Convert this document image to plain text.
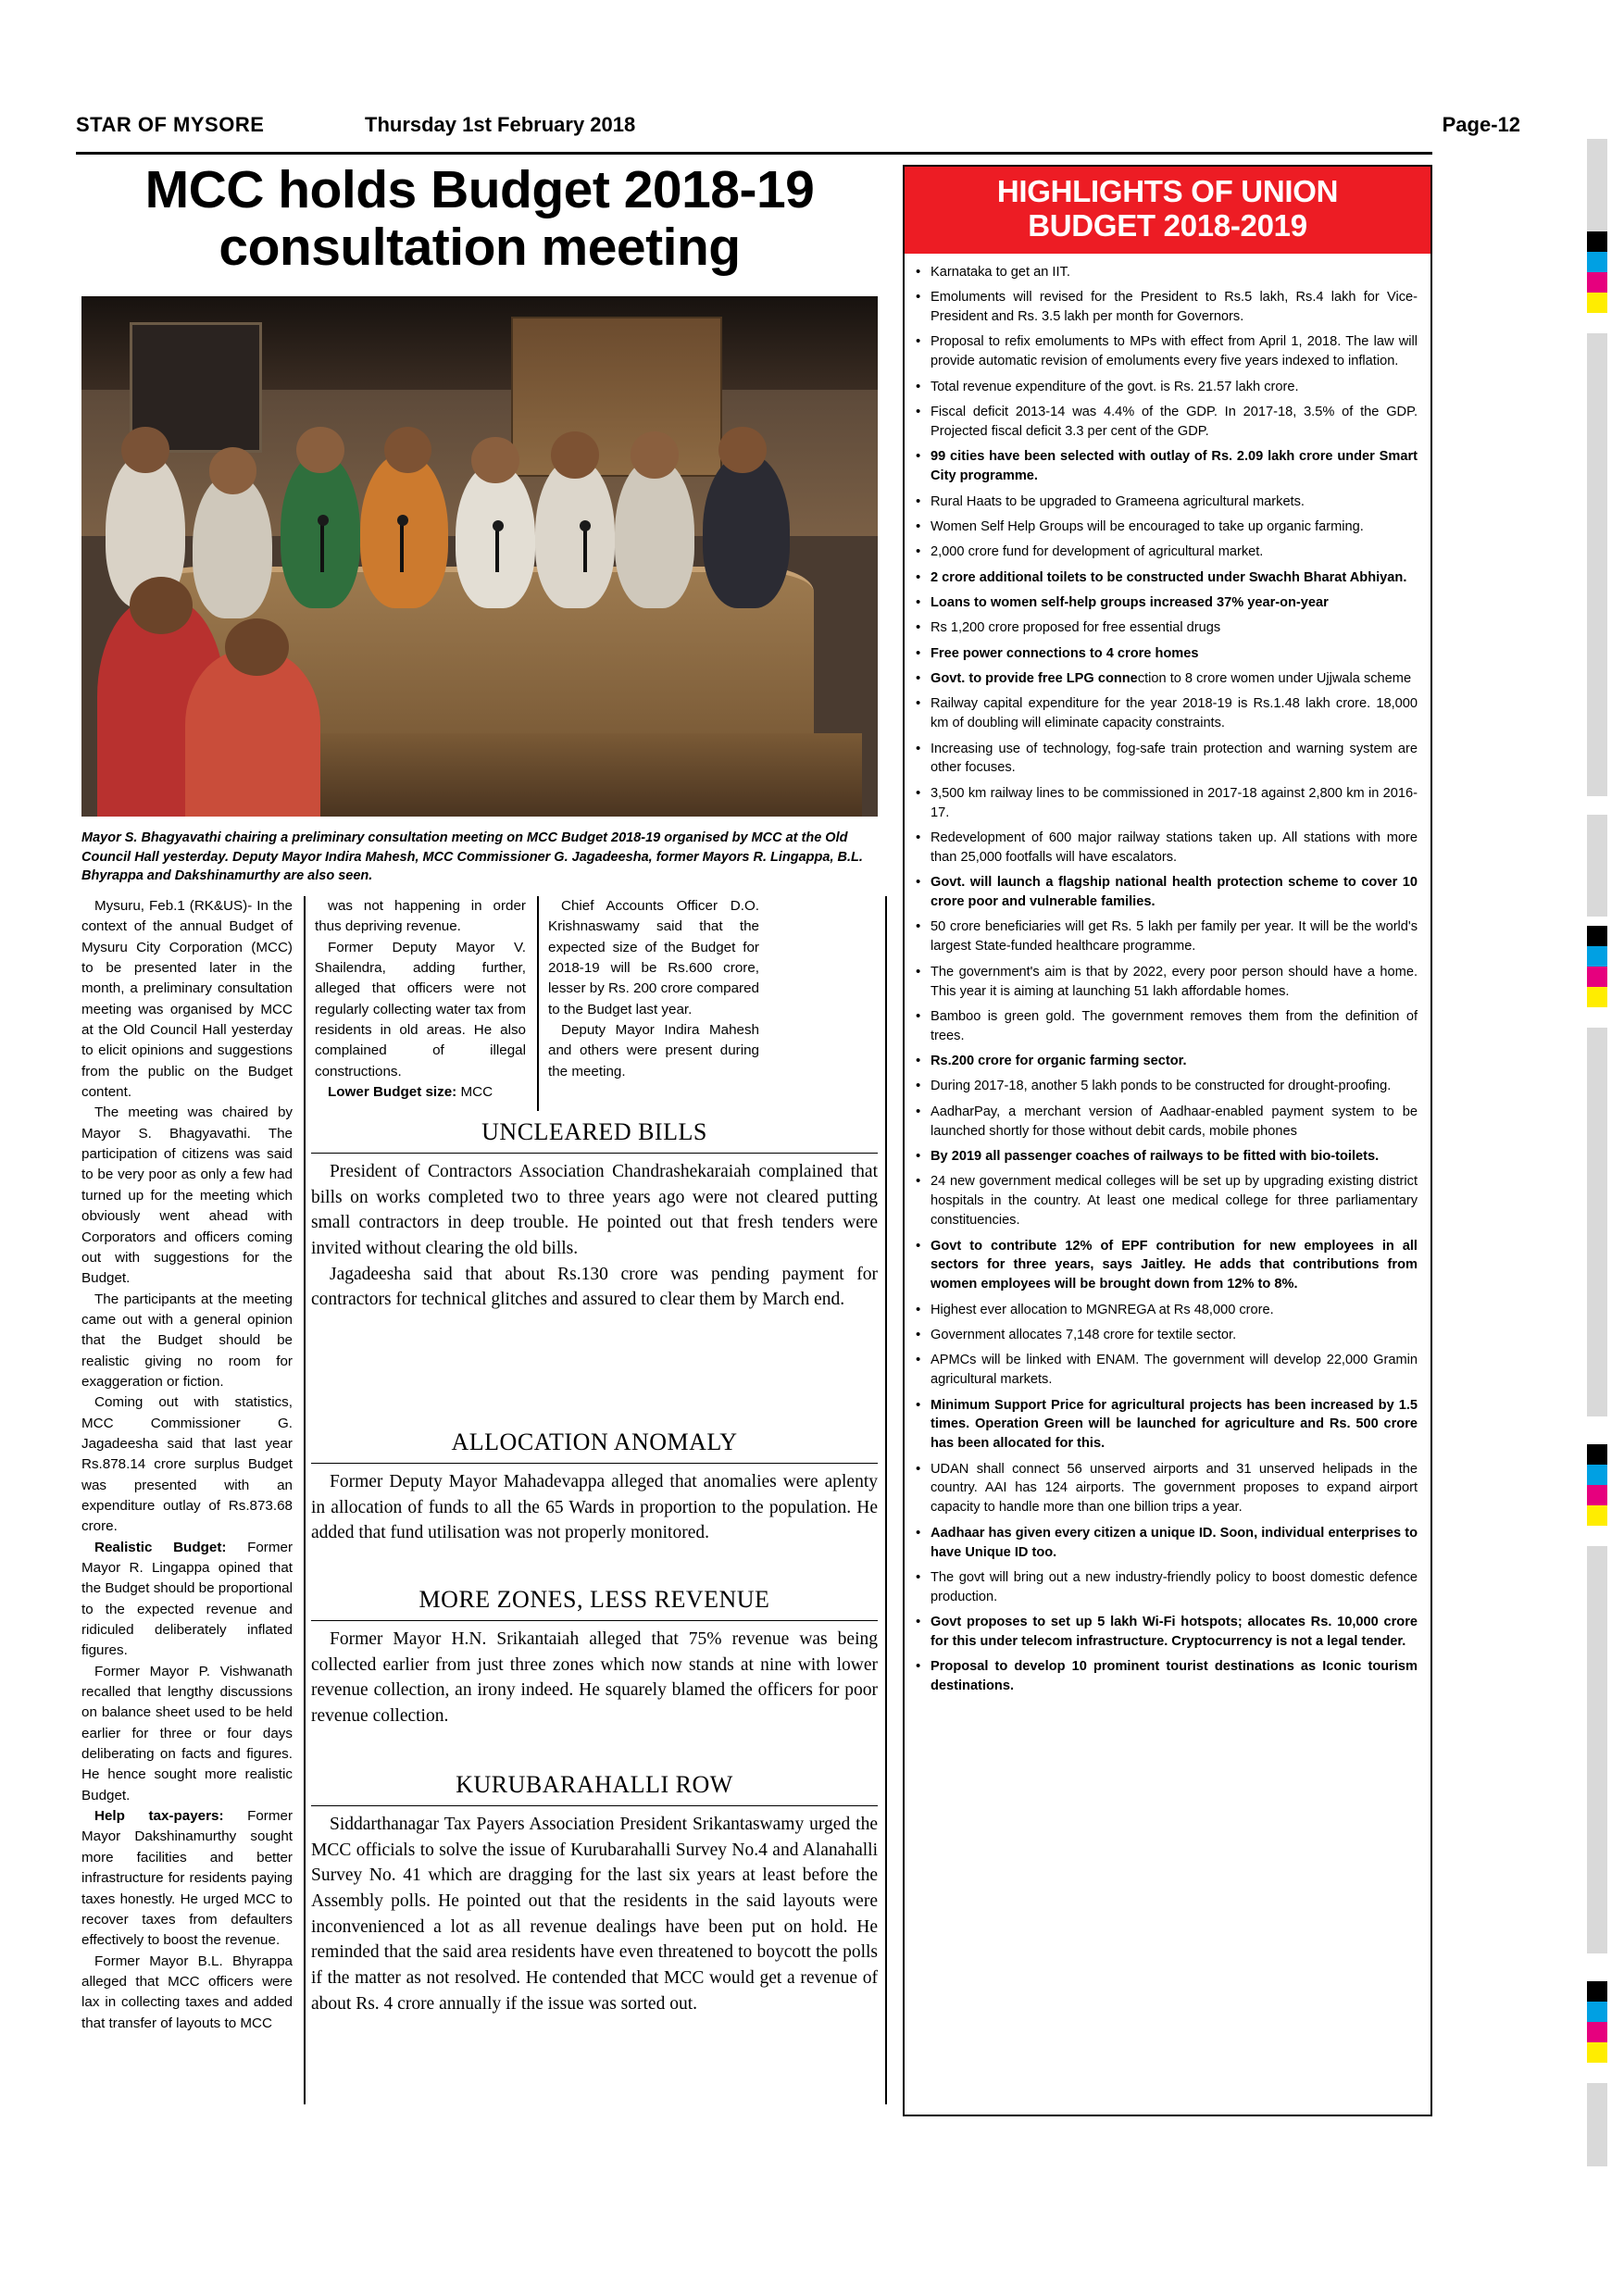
STAR OF MYSORE	Thursday 1st February 2018	Page-12
MCC holds Budget 2018-19 consultation meeting
Mayor S. Bhagyavathi chairing a preliminary consultation meeting on MCC Budget 2018-19 organised by MCC at the Old Council Hall yesterday. Deputy Mayor Indira Mahesh, MCC Commissioner G. Jagadeesha, former Mayors R. Lingappa, B.L. Bhyrappa and Dakshinamurthy are also seen.

Mysuru, Feb.1 (RK&US)- In the context of the annual Budget of Mysuru City Corporation (MCC) to be presented later in the month, a preliminary consultation meeting was organised by MCC at the Old Council Hall yesterday to elicit opinions and suggestions from the public on the Budget content.

The meeting was chaired by Mayor S. Bhagyavathi. The participation of citizens was said to be very poor as only a few had turned up for the meeting which obviously went ahead with Corporators and officers coming out with suggestions for the Budget.

The participants at the meeting came out with a general opinion that the Budget should be realistic giving no room for exaggeration or fiction.

Coming out with statistics, MCC Commissioner G. Jagadeesha said that last year Rs.878.14 crore surplus Budget was presented with an expenditure outlay of Rs.873.68 crore.

Realistic Budget: Former Mayor R. Lingappa opined that the Budget should be proportional to the expected revenue and ridiculed deliberately inflated figures.

Former Mayor P. Vishwanath recalled that lengthy discussions on balance sheet used to be held earlier for three or four days deliberating on facts and figures. He hence sought more realistic Budget.

Help tax-payers: Former Mayor Dakshinamurthy sought more facilities and better infrastructure for residents paying taxes honestly. He urged MCC to recover taxes from defaulters effectively to boost the revenue.

Former Mayor B.L. Bhyrappa alleged that MCC officers were lax in collecting taxes and added that transfer of layouts to MCC

was not happening in order thus depriving revenue.

Former Deputy Mayor V. Shailendra, adding further, alleged that officers were not regularly collecting water tax from residents in old areas. He also complained of illegal constructions.

Lower Budget size: MCC

Chief Accounts Officer D.O. Krishnaswamy said that the expected size of the Budget for 2018-19 will be Rs.600 crore, lesser by Rs. 200 crore compared to the Budget last year.

Deputy Mayor Indira Mahesh and others were present during the meeting.

UNCLEARED BILLS

President of Contractors Association Chandrashekaraiah complained that bills on works completed two to three years ago were not cleared putting small contractors in deep trouble. He pointed out that fresh tenders were invited without clearing the old bills.

Jagadeesha said that about Rs.130 crore was pending payment for contractors for technical glitches and assured to clear them by March end.

ALLOCATION ANOMALY

Former Deputy Mayor Mahadevappa alleged that anomalies were aplenty in allocation of funds to all the 65 Wards in proportion to the population. He added that fund utilisation was not properly monitored.

MORE ZONES, LESS REVENUE

Former Mayor H.N. Srikantaiah alleged that 75% revenue was being collected earlier from just three zones which now stands at nine with lower revenue collection, an irony indeed. He squarely blamed the officers for poor revenue collection.

KURUBARAHALLI ROW

Siddarthanagar Tax Payers Association President Srikantaswamy urged the MCC officials to solve the issue of Kurubarahalli Survey No.4 and Alanahalli Survey No. 41 which are dragging for the last six years at least before the Assembly polls. He pointed out that the residents in the said layouts were inconvenienced a lot as all revenue dealings have been put on hold. He reminded that the said area residents have even threatened to boycott the polls if the matter as not resolved. He contended that MCC would get a revenue of about Rs. 4 crore annually if the issue was sorted out.

HIGHLIGHTS OF UNION
BUDGET 2018-2019
• Karnataka to get an IIT.
• Emoluments will revised for the President to Rs.5 lakh, Rs.4 lakh for Vice-President and Rs. 3.5 lakh per month for Governors.
• Proposal to refix emoluments to MPs with effect from April 1, 2018. The law will provide automatic revision of emoluments every five years indexed to inflation.
• Total revenue expenditure of the govt. is Rs. 21.57 lakh crore.
• Fiscal deficit 2013-14 was 4.4% of the GDP. In 2017-18, 3.5% of the GDP. Projected fiscal deficit 3.3 per cent of the GDP.
• 99 cities have been selected with outlay of Rs. 2.09 lakh crore under Smart City programme.
• Rural Haats to be upgraded to Grameena agricultural markets.
• Women Self Help Groups will be encouraged to take up organic farming.
• 2,000 crore fund for development of agricultural market.
• 2 crore additional toilets to be constructed under Swachh Bharat Abhiyan.
• Loans to women self-help groups increased 37% year-on-year
• Rs 1,200 crore proposed for free essential drugs
• Free power connections to 4 crore homes
• Govt. to provide free LPG connection to 8 crore women under Ujjwala scheme
• Railway capital expenditure for the year 2018-19 is Rs.1.48 lakh crore. 18,000 km of doubling will eliminate capacity constraints.
• Increasing use of technology, fog-safe train protection and warning system are other focuses.
• 3,500 km railway lines to be commissioned in 2017-18 against 2,800 km in 2016-17.
• Redevelopment of 600 major railway stations taken up. All stations with more than 25,000 footfalls will have escalators.
• Govt. will launch a flagship national health protection scheme to cover 10 crore poor and vulnerable families.
• 50 crore beneficiaries will get Rs. 5 lakh per family per year. It will be the world's largest State-funded healthcare programme.
• The government's aim is that by 2022, every poor person should have a home. This year it is aiming at launching 51 lakh affordable homes.
• Bamboo is green gold. The government removes them from the definition of trees.
• Rs.200 crore for organic farming sector.
• During 2017-18, another 5 lakh ponds to be constructed for drought-proofing.
• AadharPay, a merchant version of Aadhaar-enabled payment system to be launched shortly for those without debit cards, mobile phones
• By 2019 all passenger coaches of railways to be fitted with bio-toilets.
• 24 new government medical colleges will be set up by upgrading existing district hospitals in the country. At least one medical college for three parliamentary constituencies.
• Govt to contribute 12% of EPF contribution for new employees in all sectors for three years, says Jaitley. He adds that contributions from women employees will be brought down from 12% to 8%.
• Highest ever allocation to MGNREGA at Rs 48,000 crore.
• Government allocates 7,148 crore for textile sector.
• APMCs will be linked with ENAM. The government will develop 22,000 Gramin agricultural markets.
• Minimum Support Price for agricultural projects has been increased by 1.5 times. Operation Green will be launched for agriculture and Rs. 500 crore has been allocated for this.
• UDAN shall connect 56 unserved airports and 31 unserved helipads in the country. AAI has 124 airports. The government proposes to expand airport capacity to handle more than one billion trips a year.
• Aadhaar has given every citizen a unique ID. Soon, individual enterprises to have Unique ID too.
• The govt will bring out a new industry-friendly policy to boost domestic defence production.
• Govt proposes to set up 5 lakh Wi-Fi hotspots; allocates Rs. 10,000 crore for this under telecom infrastructure. Cryptocurrency is not a legal tender.
• Proposal to develop 10 prominent tourist destinations as Iconic tourism destinations.
